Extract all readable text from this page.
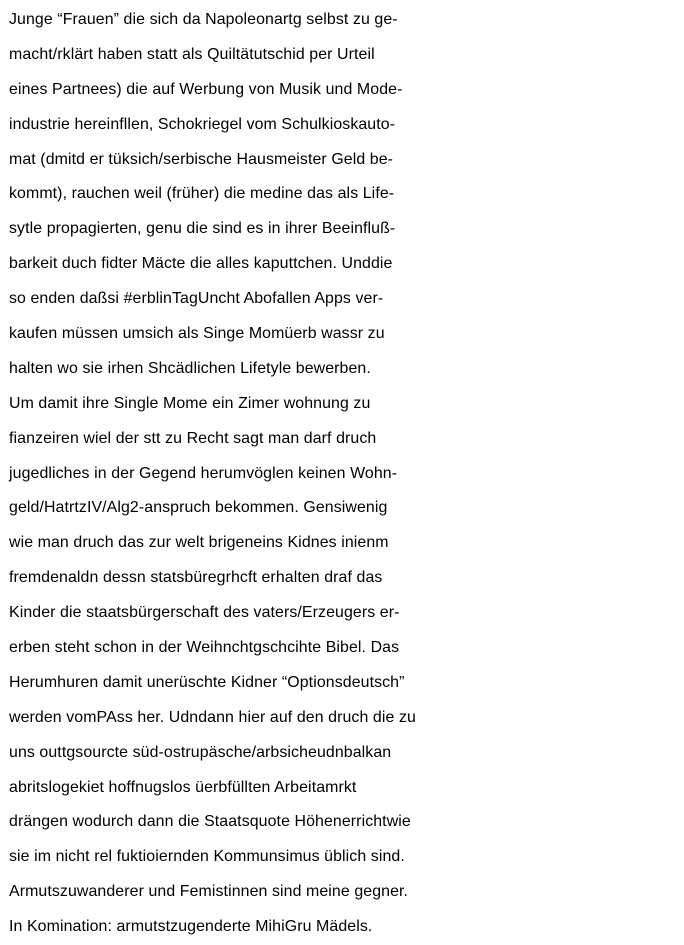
Junge “Frauen” die sich da Napoleonartg selbst zu ge-
macht/rklärt haben statt als Quiltätutschid per Urteil
eines Partnees) die auf Werbung von Musik und Mode-
industrie hereinfllen, Schokriegel vom Schulkioskauto-
mat (dmitd er tüksich/serbische Hausmeister Geld be-
kommt), rauchen weil (früher) die medine das als Life-
sytle propagierten, genu die sind es in ihrer Beeinfluß-
barkeit duch fidter Mäcte die alles kaputtchen. Unddie
so enden daßsi #erblinTagUncht Abofallen Apps ver-
kaufen müssen umsich als Singe Momüerb wassr zu
halten wo sie irhen Shcädlichen Lifetyle bewerben.
Um damit ihre Single Mome ein Zimer wohnung zu
fianzeiren wiel der stt zu Recht sagt man darf druch
jugedliches in der Gegend herumvöglen keinen Wohn-
geld/HatrtzIV/Alg2-anspruch bekommen. Gensiwenig
wie man druch das zur welt brigeneins Kidnes inienm
fremdenaldn dessn statsbüregrhcft erhalten draf das
Kinder die staatsbürgerschaft des vaters/Erzeugers er-
erben steht schon in der Weihnchtgschcihte Bibel. Das
Herumhuren damit unerüschte Kidner “Optionsdeutsch”
werden vomPAss her. Udndann hier auf den druch die zu
uns outtgsourcte süd-ostrupäsche/arbsicheudnbalkan
abritslogekiet hoffnugslos üerbfüllten Arbeitamrkt
drängen wodurch dann die Staatsquote Höhenerrichtwie
sie im nicht rel fuktioiernden Kommunsimus üblich sind.
Armutszuwanderer und Femistinnen sind meine gegner.
In Komination: armutstzugenderte MihiGru Mädels.
